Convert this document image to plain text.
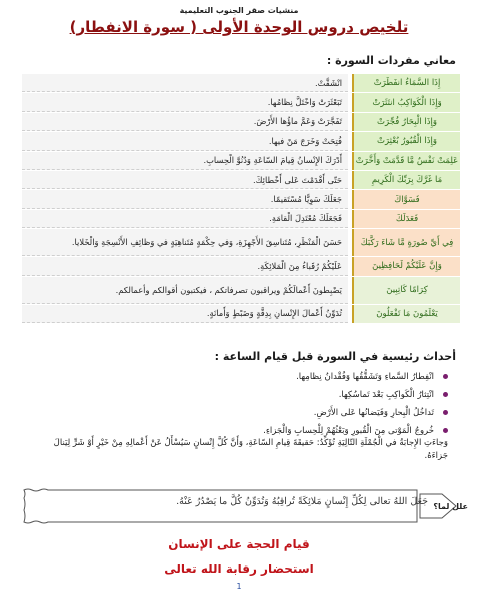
منشيات صقر الجنوب التعليمية
تلخيص دروس الوحدة الأولى ( سورة الانفطار)
معاني مفردات السورة :
إِذَا السَّمَاءُ انفَطَرَتْ
انْشَقَّتْ.
وَإِذَا الْكَوَاكِبُ انتَثَرَتْ
تَبَعْثَرَتْ وَاخْتَلَّ نِظامُها.
وَإِذَا الْبِحَارُ فُجِّرَتْ
تَفَجَّرَتْ وَعَمَّ ماؤُها الأَرْضَ.
وَإِذَا الْقُبُورُ بُعْثِرَتْ
فُتِحَتْ وَخَرَجَ مَنْ فيها.
عَلِمَتْ نَفْسٌ مَّا قَدَّمَتْ وَأَخَّرَتْ
أَدْرَكَ الإِنْسانُ قِيامَ السّاعَةِ وَدُنُوَّ الْحِسابِ.
مَا غَرَّكَ بِرَبِّكَ الْكَرِيمِ
حَتّى أَقْدَمْتَ عَلى أَخْطائِكَ.
فَسَوَّاكَ
جَعَلَكَ سَوِيًّا مُسْتَقيمًا.
فَعَدَلَكَ
فَجَعَلَكَ مُعْتَدِلَ الْقامَةِ.
فِي أَيِّ صُورَةٍ مَّا شَاءَ رَكَّبَكَ
حَسَنَ الْمَنْظَرِ، مُتَناسِقَ الأَجْهِزَةِ، وَفي حِكْمَةٍ مُتَناهِيَةٍ في وَظائِفِ الأَنْسِجَةِ وَالْخَلايا.
وَإِنَّ عَلَيْكُمْ لَحَافِظِينَ
عَلَيْكُمْ رُقَباءُ مِنَ الْمَلائِكَةِ.
كِرَامًا كَاتِبِينَ
يَضْبِطونَ أَعْمالَكُمْ ويراقبون تصرفاتكم ، فيكتبون أقوالكم وأعمالكم.
يَعْلَمُونَ مَا تَفْعَلُونَ
تُدَوِّنُ أَعْمالَ الإِنْسانِ بِدِقَّةٍ وَضَبْطٍ وَأَمانَةٍ.
أحداث رئيسية في السورة قبل قيام الساعة :
انْفِطارُ السَّماءِ وَتَشَقُّقُها وَفُقْدانُ نِظامِها.
انْتِثارُ الْكَواكِبِ بَعْدَ تَماسُكِها.
تَداخُلُ الْبِحارِ وَفَيَضانُها عَلى الأَرْضِ.
خُروجُ الْمَوْتى مِنَ الْقُبورِ وَبَعْثُهُمْ لِلْحِسابِ وَالْجَزاءِ.
وَجاءَتِ الإِجابَةُ في الْجُمْلَةِ التّالِيَةِ تُؤَكِّدُ: حَقيقَةَ قِيامِ السّاعَةِ، وَأَنَّ كُلَّ إِنْسانٍ سَيُسْأَلُ عَنْ أَعْمالِهِ مِنْ خَيْرٍ أَوْ شَرٍّ لِيَنالَ جَزاءَهُ.
جَعَلَ اللهُ تعالى لِكُلِّ إِنْسانٍ مَلائِكَةً تُراقِبُهُ وَتُدَوِّنُ كُلَّ ما يَصْدُرُ عَنْهُ. علل لما؟
قيام الحجة على الإنسان
استحضار رقابة الله تعالى
1
